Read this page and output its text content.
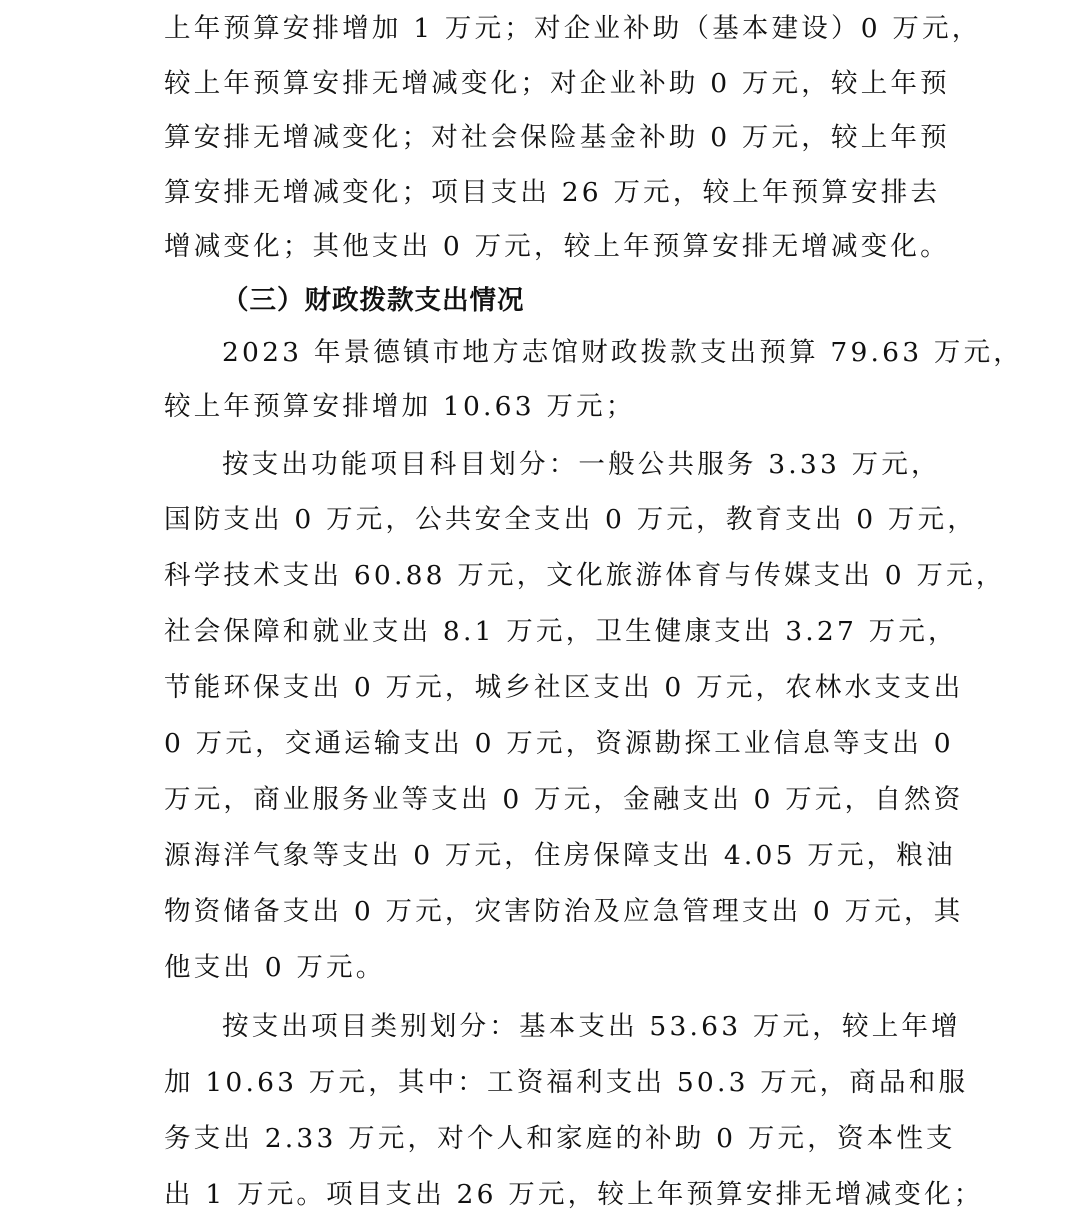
上年预算安排增加 1 万元；对企业补助（基本建设）0 万元，
较上年预算安排无增减变化；对企业补助 0 万元，较上年预
算安排无增减变化；对社会保险基金补助 0 万元，较上年预
算安排无增减变化；项目支出 26 万元，较上年预算安排去
增减变化；其他支出 0 万元，较上年预算安排无增减变化。
（三）财政拨款支出情况
2023 年景德镇市地方志馆财政拨款支出预算 79.63 万元，
较上年预算安排增加 10.63 万元；
按支出功能项目科目划分：一般公共服务 3.33 万元，
国防支出 0 万元，公共安全支出 0 万元，教育支出 0 万元，
科学技术支出 60.88 万元，文化旅游体育与传媒支出 0 万元，
社会保障和就业支出 8.1 万元，卫生健康支出 3.27 万元，
节能环保支出 0 万元，城乡社区支出 0 万元，农林水支支出
0 万元，交通运输支出 0 万元，资源勘探工业信息等支出 0
万元，商业服务业等支出 0 万元，金融支出 0 万元，自然资
源海洋气象等支出 0 万元，住房保障支出 4.05 万元，粮油
物资储备支出 0 万元，灾害防治及应急管理支出 0 万元，其
他支出 0 万元。
按支出项目类别划分：基本支出 53.63 万元，较上年增
加 10.63 万元，其中：工资福利支出 50.3 万元，商品和服
务支出 2.33 万元，对个人和家庭的补助 0 万元，资本性支
出 1 万元。项目支出 26 万元，较上年预算安排无增减变化；
